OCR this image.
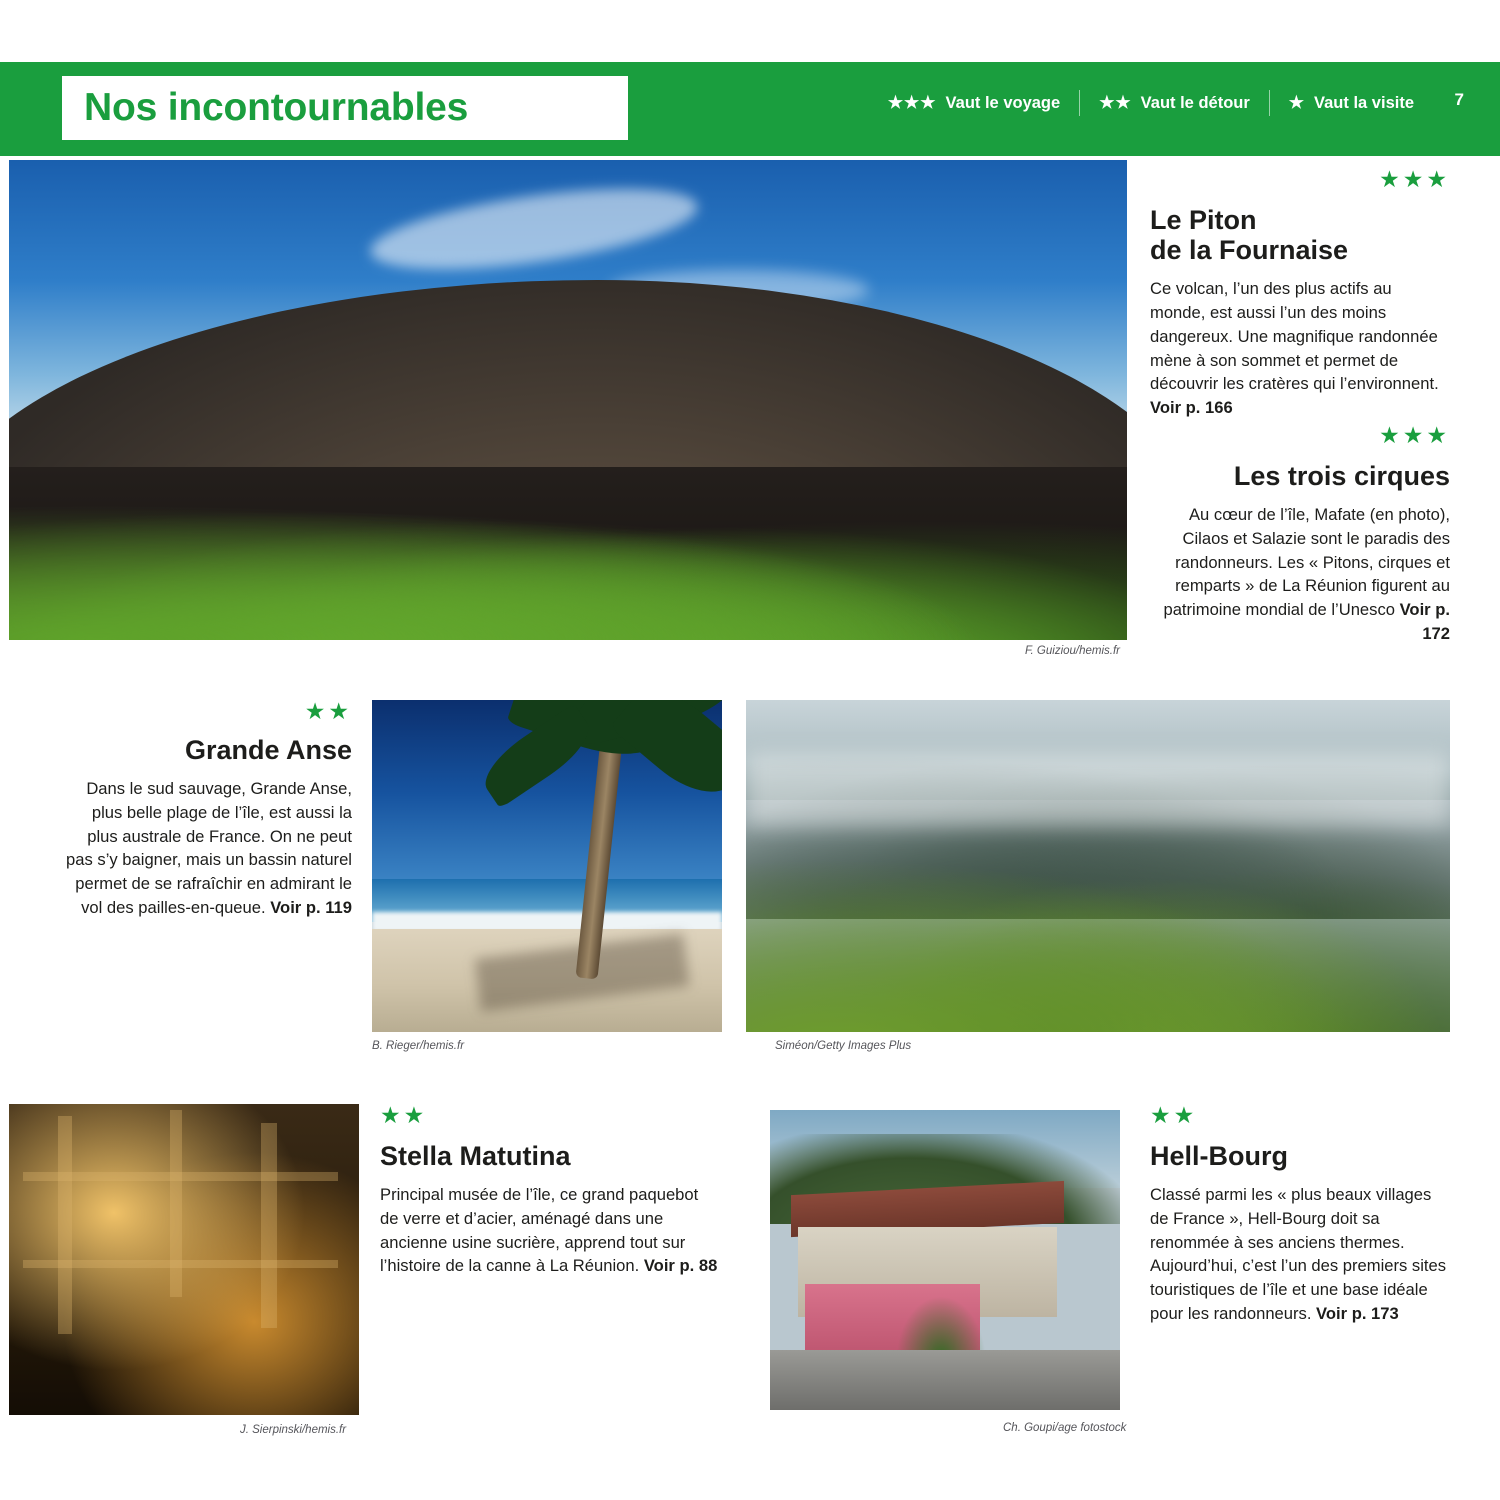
Nos incontournables	★★★ Vaut le voyage ★★ Vaut le détour ★ Vaut la visite 7
F. Guiziou/hemis.fr
★★★
Le Piton
de la Fournaise
Ce volcan, l’un des plus actifs au monde, est aussi l’un des moins dangereux. Une magnifique randonnée mène à son sommet et permet de découvrir les cratères qui l’environnent. Voir p. 166
★★★
Les trois cirques
Au cœur de l’île, Mafate (en photo), Cilaos et Salazie sont le paradis des randonneurs. Les « Pitons, cirques et remparts » de La Réunion figurent au patrimoine mondial de l’Unesco Voir p. 172
★★
Grande Anse
Dans le sud sauvage, Grande Anse, plus belle plage de l’île, est aussi la plus australe de France. On ne peut pas s’y baigner, mais un bassin naturel permet de se rafraîchir en admirant le vol des pailles-en-queue. Voir p. 119
B. Rieger/hemis.fr	Siméon/Getty Images Plus
J. Sierpinski/hemis.fr
★★
Stella Matutina
Principal musée de l’île, ce grand paquebot de verre et d’acier, aménagé dans une ancienne usine sucrière, apprend tout sur l’histoire de la canne à La Réunion. Voir p. 88
Ch. Goupi/age fotostock
★★
Hell-Bourg
Classé parmi les « plus beaux villages de France », Hell-Bourg doit sa renommée à ses anciens thermes. Aujourd’hui, c’est l’un des premiers sites touristiques de l’île et une base idéale pour les randonneurs. Voir p. 173
